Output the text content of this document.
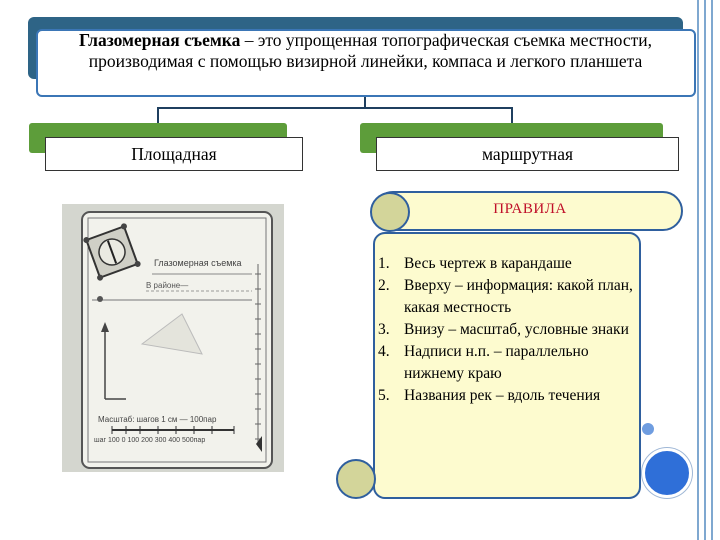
Глазомерная съемка – это упрощенная топографическая съемка местности, производимая с помощью визирной линейки, компаса и легкого планшета
Площадная	маршрутная
Глазомерная съемка
В районе—
Масштаб: шагов 1 см — 100пар
шаг 100 0 100 200 300 400 500пар
ПРАВИЛА
1. Весь чертеж в карандаше
2. Вверху – информация: какой план, какая местность
3. Внизу – масштаб, условные знаки
4. Надписи н.п. – параллельно нижнему краю
5. Названия рек – вдоль течения
